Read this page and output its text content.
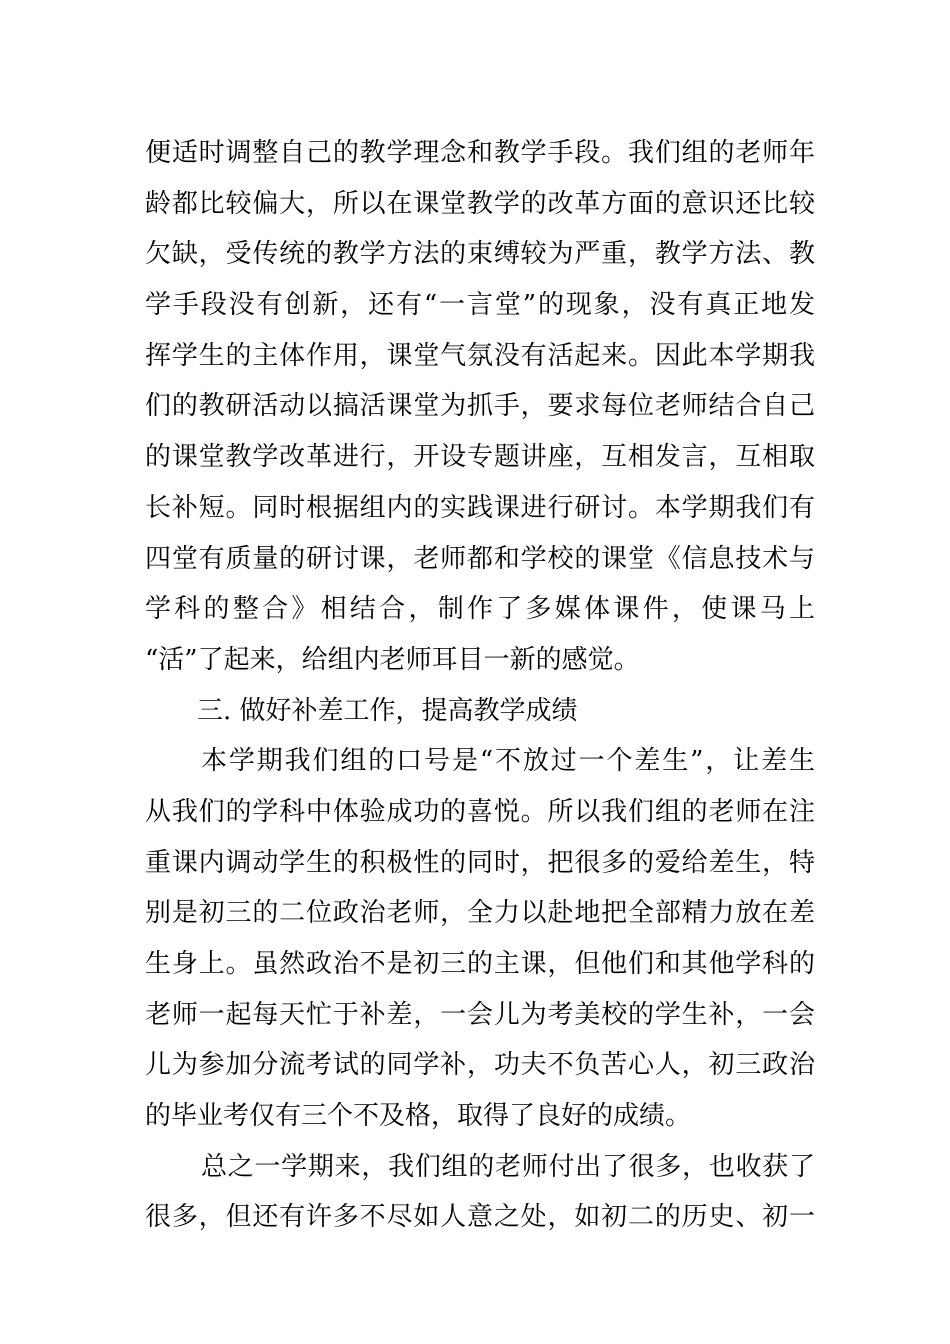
便适时调整自己的教学理念和教学手段。我们组的老师年
龄都比较偏大，所以在课堂教学的改革方面的意识还比较
欠缺，受传统的教学方法的束缚较为严重，教学方法、教
学手段没有创新，还有“一言堂”的现象，没有真正地发
挥学生的主体作用，课堂气氛没有活起来。因此本学期我
们的教研活动以搞活课堂为抓手，要求每位老师结合自己
的课堂教学改革进行，开设专题讲座，互相发言，互相取
长补短。同时根据组内的实践课进行研讨。本学期我们有
四堂有质量的研讨课，老师都和学校的课堂《信息技术与
学科的整合》相结合，制作了多媒体课件，使课马上
“活”了起来，给组内老师耳目一新的感觉。
三. 做好补差工作，提高教学成绩
本学期我们组的口号是“不放过一个差生”，让差生
从我们的学科中体验成功的喜悦。所以我们组的老师在注
重课内调动学生的积极性的同时，把很多的爱给差生，特
别是初三的二位政治老师，全力以赴地把全部精力放在差
生身上。虽然政治不是初三的主课，但他们和其他学科的
老师一起每天忙于补差，一会儿为考美校的学生补，一会
儿为参加分流考试的同学补，功夫不负苦心人，初三政治
的毕业考仅有三个不及格，取得了良好的成绩。
总之一学期来，我们组的老师付出了很多，也收获了
很多，但还有许多不尽如人意之处，如初二的历史、初一
